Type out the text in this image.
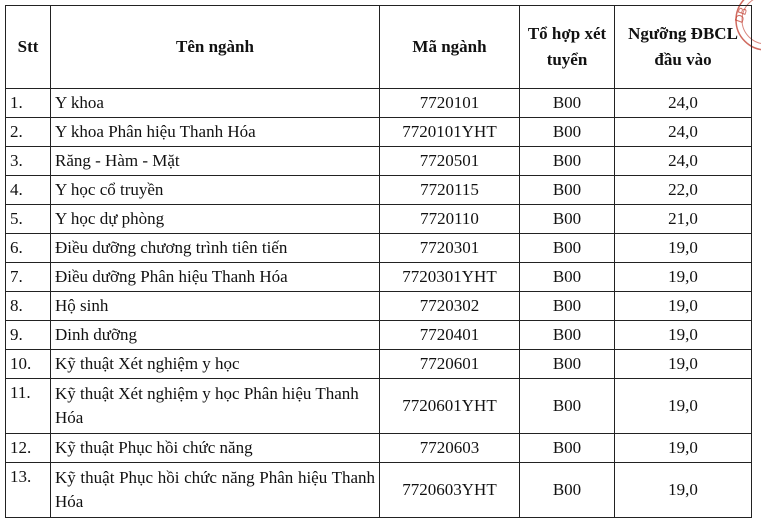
DB
Stt	Tên ngành	Mã ngành	Tổ hợp xét tuyển	Ngưỡng ĐBCL đầu vào
1.	Y khoa	7720101	B00	24,0
2.	Y khoa Phân hiệu Thanh Hóa	7720101YHT	B00	24,0
3.	Răng - Hàm - Mặt	7720501	B00	24,0
4.	Y học cổ truyền	7720115	B00	22,0
5.	Y học dự phòng	7720110	B00	21,0
6.	Điều dưỡng chương trình tiên tiến	7720301	B00	19,0
7.	Điều dưỡng Phân hiệu Thanh Hóa	7720301YHT	B00	19,0
8.	Hộ sinh	7720302	B00	19,0
9.	Dinh dưỡng	7720401	B00	19,0
10.	Kỹ thuật Xét nghiệm y học	7720601	B00	19,0
11.	Kỹ thuật Xét nghiệm y học Phân hiệu Thanh Hóa	7720601YHT	B00	19,0
12.	Kỹ thuật Phục hồi chức năng	7720603	B00	19,0
13.	Kỹ thuật Phục hồi chức năng Phân hiệu Thanh Hóa	7720603YHT	B00	19,0
